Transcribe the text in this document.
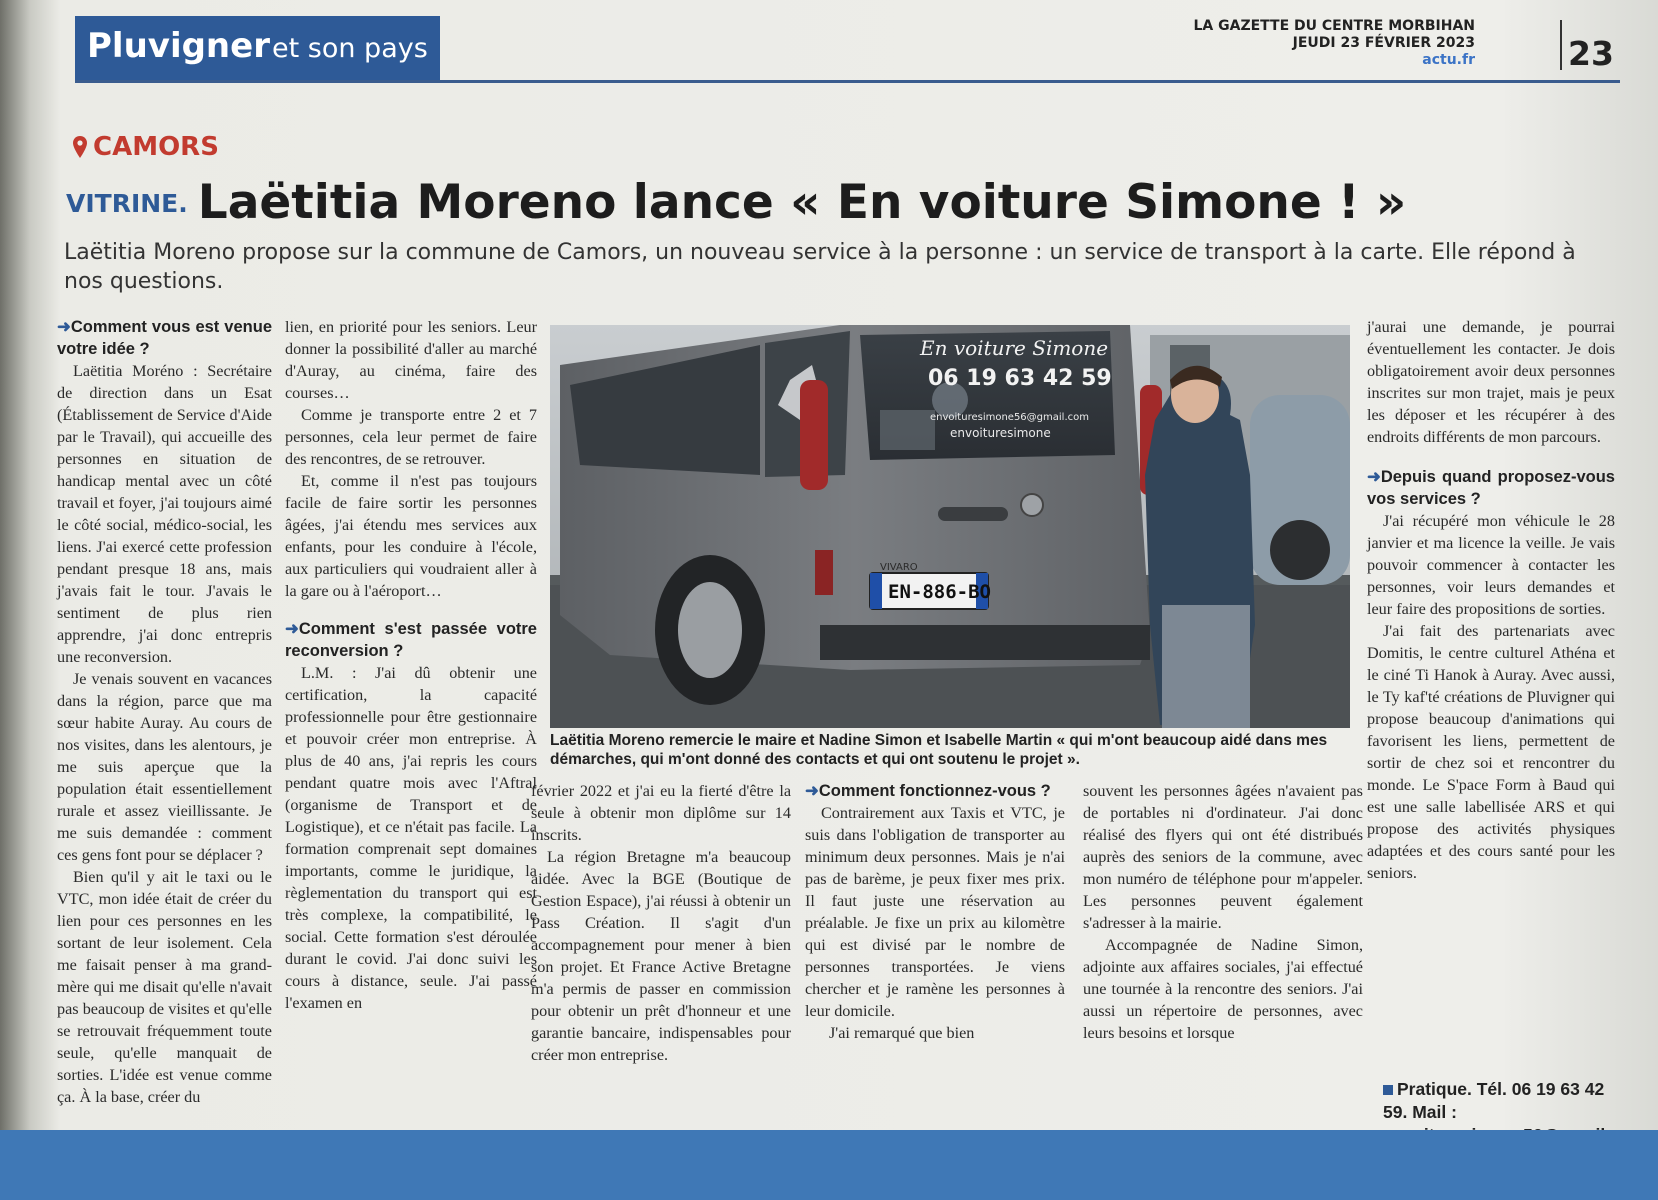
Pluvigner et son pays
LA GAZETTE DU CENTRE MORBIHAN
JEUDI 23 FÉVRIER 2023
actu.fr	23
CAMORS
VITRINE. Laëtitia Moreno lance « En voiture Simone ! »
Laëtitia Moreno propose sur la commune de Camors, un nouveau service à la personne : un service de transport à la carte. Elle répond à nos questions.
➜Comment vous est venue votre idée ?

Laëtitia Moréno : Secrétaire de direction dans un Esat (Établissement de Service d'Aide par le Travail), qui accueille des personnes en situation de handicap mental avec un côté travail et foyer, j'ai toujours aimé le côté social, médico-social, les liens. J'ai exercé cette profession pendant presque 18 ans, mais j'avais fait le tour. J'avais le sentiment de plus rien apprendre, j'ai donc entrepris une reconversion.

Je venais souvent en vacances dans la région, parce que ma sœur habite Auray. Au cours de nos visites, dans les alentours, je me suis aperçue que la population était essentiellement rurale et assez vieillissante. Je me suis demandée : comment ces gens font pour se déplacer ?

Bien qu'il y ait le taxi ou le VTC, mon idée était de créer du lien pour ces personnes en les sortant de leur isolement. Cela me faisait penser à ma grand-mère qui me disait qu'elle n'avait pas beaucoup de visites et qu'elle se retrouvait fréquemment toute seule, qu'elle manquait de sorties. L'idée est venue comme ça. À la base, créer du

lien, en priorité pour les seniors. Leur donner la possibilité d'aller au marché d'Auray, au cinéma, faire des courses…

Comme je transporte entre 2 et 7 personnes, cela leur permet de faire des rencontres, de se retrouver.

Et, comme il n'est pas toujours facile de faire sortir les personnes âgées, j'ai étendu mes services aux enfants, pour les conduire à l'école, aux particuliers qui voudraient aller à la gare ou à l'aéroport…

➜Comment s'est passée votre reconversion ?

L.M. : J'ai dû obtenir une certification, la capacité professionnelle pour être gestionnaire et pouvoir créer mon entreprise. À plus de 40 ans, j'ai repris les cours pendant quatre mois avec l'Aftral (organisme de Transport et de Logistique), et ce n'était pas facile. La formation comprenait sept domaines importants, comme le juridique, la règlementation du transport qui est très complexe, la compatibilité, le social. Cette formation s'est déroulée durant le covid. J'ai donc suivi les cours à distance, seule. J'ai passé l'examen en

En voiture Simone
06 19 63 42 59
envoituresimone56@gmail.com
envoituresimone
VIVARO
EN-886-BO
Laëtitia Moreno remercie le maire et Nadine Simon et Isabelle Martin « qui m'ont beaucoup aidé dans mes démarches, qui m'ont donné des contacts et qui ont soutenu le projet ».

février 2022 et j'ai eu la fierté d'être la seule à obtenir mon diplôme sur 14 inscrits.

La région Bretagne m'a beaucoup aidée. Avec la BGE (Boutique de Gestion Espace), j'ai réussi à obtenir un Pass Création. Il s'agit d'un accompagnement pour mener à bien son projet. Et France Active Bretagne m'a permis de passer en commission pour obtenir un prêt d'honneur et une garantie bancaire, indispensables pour créer mon entreprise.

➜Comment fonctionnez-vous ?

Contrairement aux Taxis et VTC, je suis dans l'obligation de transporter au minimum deux personnes. Mais je n'ai pas de barème, je peux fixer mes prix. Il faut juste une réservation au préalable. Je fixe un prix au kilomètre qui est divisé par le nombre de personnes transportées. Je viens chercher et je ramène les personnes à leur domicile.

J'ai remarqué que bien

souvent les personnes âgées n'avaient pas de portables ni d'ordinateur. J'ai donc réalisé des flyers qui ont été distribués auprès des seniors de la commune, avec mon numéro de téléphone pour m'appeler. Les personnes peuvent également s'adresser à la mairie.

Accompagnée de Nadine Simon, adjointe aux affaires sociales, j'ai effectué une tournée à la rencontre des seniors. J'ai aussi un répertoire de personnes, avec leurs besoins et lorsque

j'aurai une demande, je pourrai éventuellement les contacter. Je dois obligatoirement avoir deux personnes inscrites sur mon trajet, mais je peux les déposer et les récupérer à des endroits différents de mon parcours.

➜Depuis quand proposez-vous vos services ?

J'ai récupéré mon véhicule le 28 janvier et ma licence la veille. Je vais pouvoir commencer à contacter les personnes, voir leurs demandes et leur faire des propositions de sorties.

J'ai fait des partenariats avec Domitis, le centre culturel Athéna et le ciné Ti Hanok à Auray. Avec aussi, le Ty kaf'té créations de Pluvigner qui propose beaucoup d'animations qui favorisent les liens, permettent de sortir de chez soi et rencontrer du monde. Le S'pace Form à Baud qui est une salle labellisée ARS et qui propose des activités physiques adaptées et des cours santé pour les seniors.

Pratique. Tél. 06 19 63 42 59. Mail :
